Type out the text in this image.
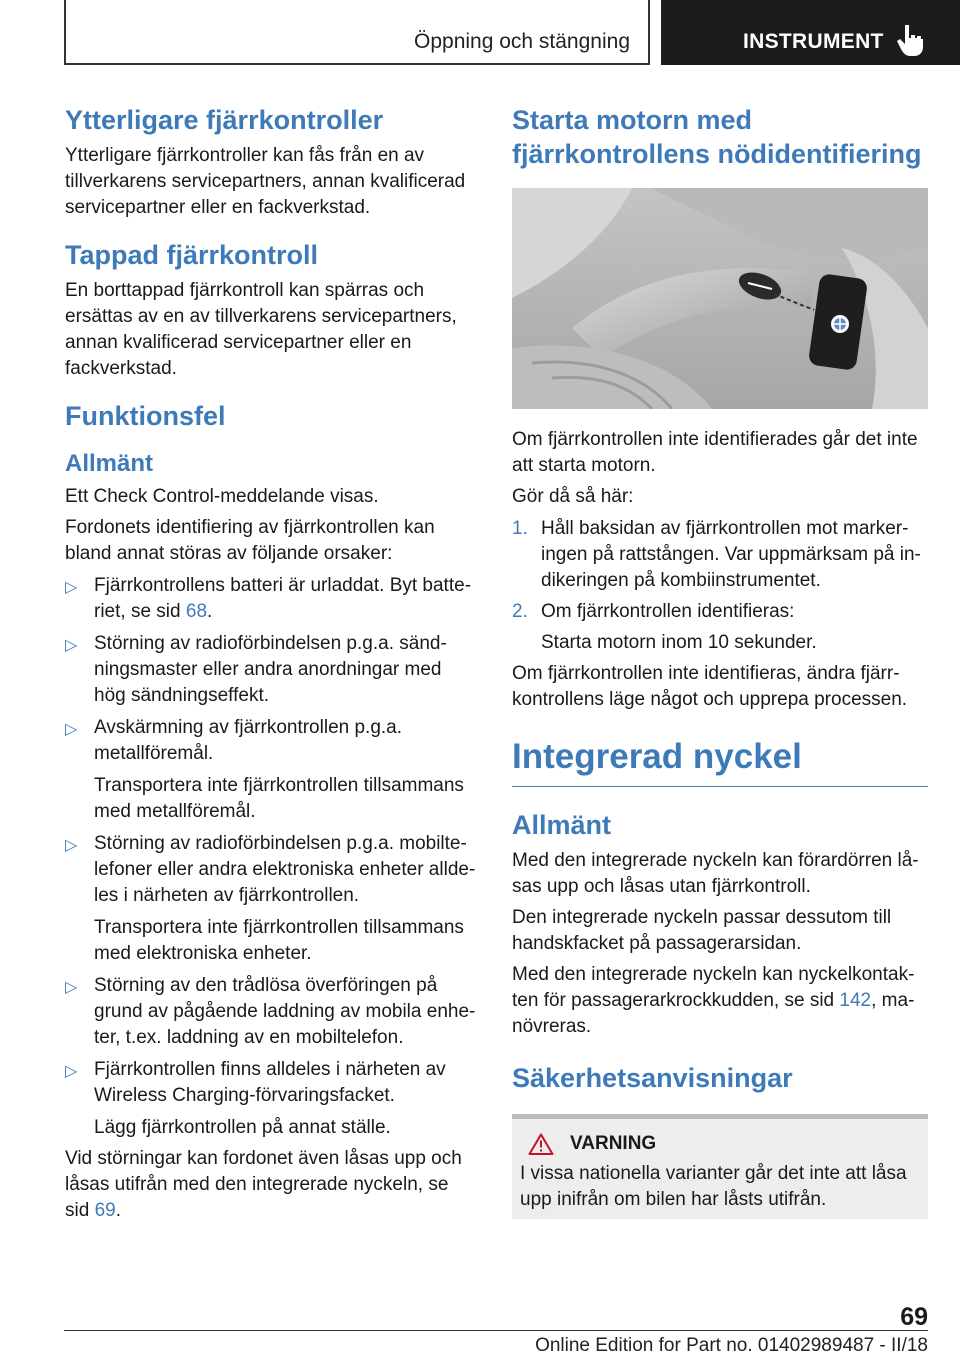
Öppning och stängning	INSTRUMENT
Ytterligare fjärrkontroller

Ytterligare fjärrkontroller kan fås från en av tillverkarens servicepartners, annan kvalificerad servicepartner eller en fackverkstad.

Tappad fjärrkontroll

En borttappad fjärrkontroll kan spärras och ersättas av en av tillverkarens servicepartners, annan kvalificerad servicepartner eller en fackverkstad.

Funktionsfel
Allmänt

Ett Check Control-meddelande visas.

Fordonets identifiering av fjärrkontrollen kan bland annat störas av följande orsaker:

▷ Fjärrkontrollens batteri är urladdat. Byt batteriet, se sid 68.
▷ Störning av radioförbindelsen p.g.a. sändningsmaster eller andra anordningar med hög sändningseffekt.
▷ Avskärmning av fjärrkontrollen p.g.a. metallföremål.
Transportera inte fjärrkontrollen tillsammans med metallföremål.
▷ Störning av radioförbindelsen p.g.a. mobiltelefoner eller andra elektroniska enheter alldeles i närheten av fjärrkontrollen.
Transportera inte fjärrkontrollen tillsammans med elektroniska enheter.
▷ Störning av den trådlösa överföringen på grund av pågående laddning av mobila enheter, t.ex. laddning av en mobiltelefon.
▷ Fjärrkontrollen finns alldeles i närheten av Wireless Charging-förvaringsfacket.
Lägg fjärrkontrollen på annat ställe.

Vid störningar kan fordonet även låsas upp och låsas utifrån med den integrerade nyckeln, se sid 69.

Starta motorn med fjärrkontrollens nödidentifiering

Om fjärrkontrollen inte identifierades går det inte att starta motorn.

Gör då så här:

1. Håll baksidan av fjärrkontrollen mot markeringen på rattstången. Var uppmärksam på indikeringen på kombiinstrumentet.
2. Om fjärrkontrollen identifieras:
Starta motorn inom 10 sekunder.

Om fjärrkontrollen inte identifieras, ändra fjärrkontrollens läge något och upprepa processen.

Integrerad nyckel
Allmänt

Med den integrerade nyckeln kan förardörren låsas upp och låsas utan fjärrkontroll.

Den integrerade nyckeln passar dessutom till handskfacket på passagerarsidan.

Med den integrerade nyckeln kan nyckelkontakten för passagerarkrockkudden, se sid 142, manövreras.

Säkerhetsanvisningar
VARNING

I vissa nationella varianter går det inte att låsa upp inifrån om bilen har låsts utifrån.

69
Online Edition for Part no. 01402989487 - II/18
